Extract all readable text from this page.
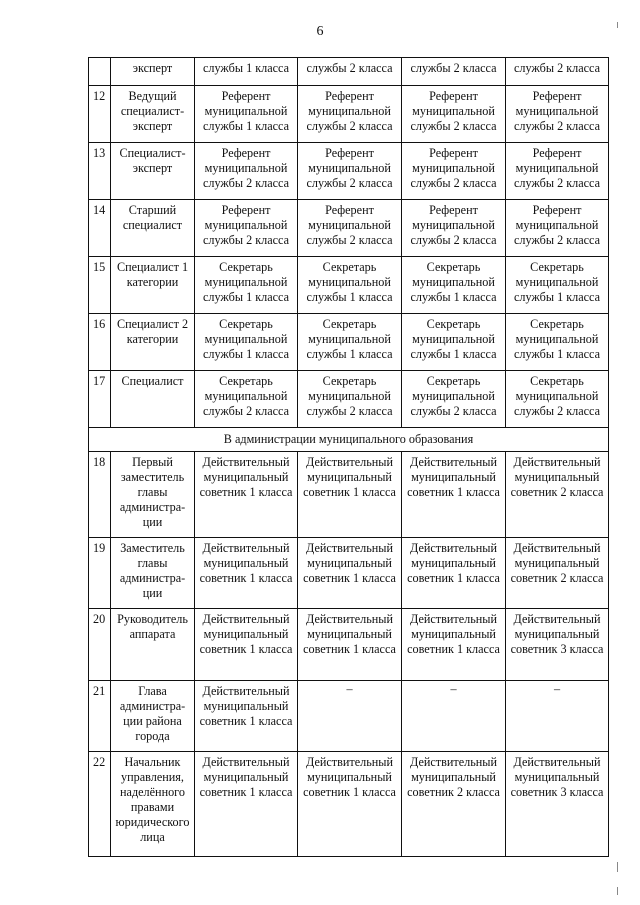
6
	эксперт	службы 1 класса	службы 2 класса	службы 2 класса	службы 2 класса
12	Ведущий специалист-эксперт	Референт муниципальной службы 1 класса	Референт муниципальной службы 2 класса	Референт муниципальной службы 2 класса	Референт муниципальной службы 2 класса
13	Специалист-эксперт	Референт муниципальной службы 2 класса	Референт муниципальной службы 2 класса	Референт муниципальной службы 2 класса	Референт муниципальной службы 2 класса
14	Старший специалист	Референт муниципальной службы 2 класса	Референт муниципальной службы 2 класса	Референт муниципальной службы 2 класса	Референт муниципальной службы 2 класса
15	Специалист 1 категории	Секретарь муниципальной службы 1 класса	Секретарь муниципальной службы 1 класса	Секретарь муниципальной службы 1 класса	Секретарь муниципальной службы 1 класса
16	Специалист 2 категории	Секретарь муниципальной службы 1 класса	Секретарь муниципальной службы 1 класса	Секретарь муниципальной службы 1 класса	Секретарь муниципальной службы 1 класса
17	Специалист	Секретарь муниципальной службы 2 класса	Секретарь муниципальной службы 2 класса	Секретарь муниципальной службы 2 класса	Секретарь муниципальной службы 2 класса
В администрации муниципального образования					
18	Первый заместитель главы администра-ции	Действительный муниципальный советник 1 класса	Действительный муниципальный советник 1 класса	Действительный муниципальный советник 1 класса	Действительный муниципальный советник 2 класса
19	Заместитель главы администра-ции	Действительный муниципальный советник 1 класса	Действительный муниципальный советник 1 класса	Действительный муниципальный советник 1 класса	Действительный муниципальный советник 2 класса
20	Руководитель аппарата	Действительный муниципальный советник 1 класса	Действительный муниципальный советник 1 класса	Действительный муниципальный советник 1 класса	Действительный муниципальный советник 3 класса
21	Глава администра-ции района города	Действительный муниципальный советник 1 класса	–	–	–
22	Начальник управления, наделённого правами юридического лица	Действительный муниципальный советник 1 класса	Действительный муниципальный советник 1 класса	Действительный муниципальный советник 2 класса	Действительный муниципальный советник 3 класса
